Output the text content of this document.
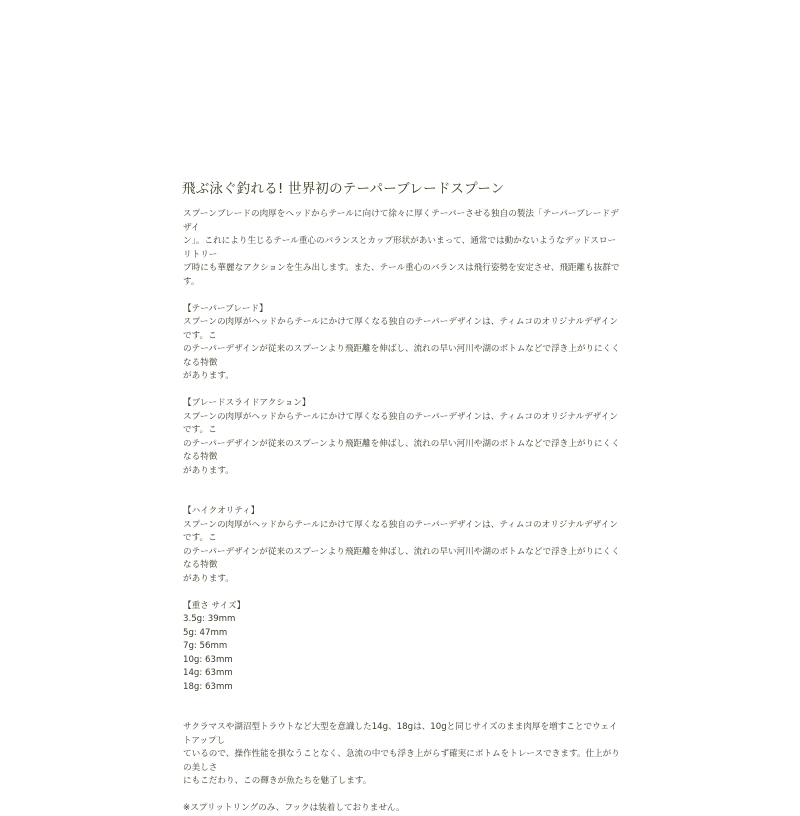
飛ぶ泳ぐ釣れる! 世界初のテーパーブレードスプーン

スプーンブレードの肉厚をヘッドからテールに向けて徐々に厚くテーパーさせる独自の製法「テーパーブレードデザイ

ン」。これにより生じるテール重心のバランスとカップ形状があいまって、通常では動かないようなデッドスローリトリー

ブ時にも華麗なアクションを生み出します。また、テール重心のバランスは飛行姿勢を安定させ、飛距離も抜群です。

【テーパーブレード】

スプーンの肉厚がヘッドからテールにかけて厚くなる独自のテーパーデザインは、ティムコのオリジナルデザインです。こ

のテーパーデザインが従来のスプーンより飛距離を伸ばし、流れの早い河川や湖のボトムなどで浮き上がりにくくなる特徴

があります。

【ブレードスライドアクション】

スプーンの肉厚がヘッドからテールにかけて厚くなる独自のテーパーデザインは、ティムコのオリジナルデザインです。こ

のテーパーデザインが従来のスプーンより飛距離を伸ばし、流れの早い河川や湖のボトムなどで浮き上がりにくくなる特徴

があります。

【ハイクオリティ】

スプーンの肉厚がヘッドからテールにかけて厚くなる独自のテーパーデザインは、ティムコのオリジナルデザインです。こ

のテーパーデザインが従来のスプーンより飛距離を伸ばし、流れの早い河川や湖のボトムなどで浮き上がりにくくなる特徴

があります。

【重さ サイズ】

3.5g: 39mm
5g: 47mm
7g: 56mm
10g: 63mm
14g: 63mm
18g: 63mm

サクラマスや湖沼型トラウトなど大型を意識した14g、18gは、10gと同じサイズのまま肉厚を増すことでウェイトアップし

ているので、操作性能を損なうことなく、急流の中でも浮き上がらず確実にボトムをトレースできます。仕上がりの美しさ

にもこだわり、この輝きが魚たちを魅了します。

※スプリットリングのみ、フックは装着しておりません。
